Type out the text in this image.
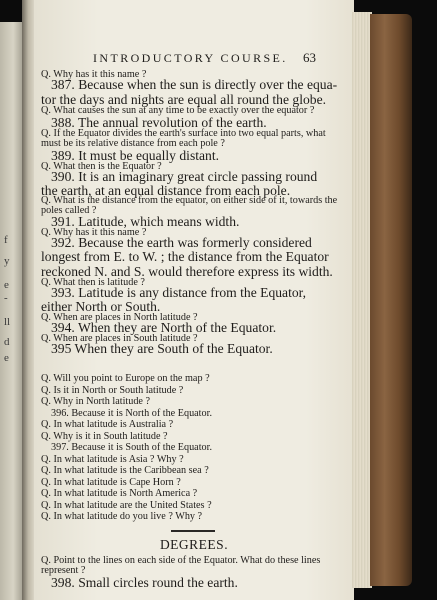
f
y
e
-
ll
d
e
INTRODUCTORY COURSE. 63
Q. Why has it this name ?
387. Because when the sun is directly over the equa-
tor the days and nights are equal all round the globe.
Q. What causes the sun at any time to be exactly over the equator ?
388. The annual revolution of the earth.
Q. If the Equator divides the earth's surface into two equal parts, what
must be its relative distance from each pole ?
389. It must be equally distant.
Q. What then is the Equator ?
390. It is an imaginary great circle passing round
the earth, at an equal distance from each pole.
Q. What is the distance from the equator, on either side of it, towards the
poles called ?
391. Latitude, which means width.
Q. Why has it this name ?
392. Because the earth was formerly considered
longest from E. to W. ; the distance from the Equator
reckoned N. and S. would therefore express its width.
Q. What then is latitude ?
393. Latitude is any distance from the Equator,
either North or South.
Q. When are places in North latitude ?
394. When they are North of the Equator.
Q. When are places in South latitude ?
395 When they are South of the Equator.
Q. Will you point to Europe on the map ?
Q. Is it in North or South latitude ?
Q. Why in North latitude ?
396. Because it is North of the Equator.
Q. In what latitude is Australia ?
Q. Why is it in South latitude ?
397. Because it is South of the Equator.
Q. In what latitude is Asia ? Why ?
Q. In what latitude is the Caribbean sea ?
Q. In what latitude is Cape Horn ?
Q. In what latitude is North America ?
Q. In what latitude are the United States ?
Q. In what latitude do you live ? Why ?
DEGREES.
Q. Point to the lines on each side of the Equator. What do these lines
represent ?
398. Small circles round the earth.
